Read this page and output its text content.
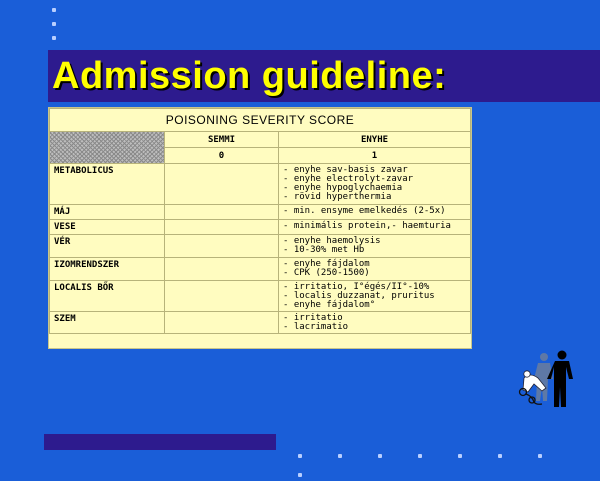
Admission guideline:
POISONING SEVERITY SCORE		
	SEMMI	ENYHE
	0	1
METABOLICUS		- enyhe sav-basis zavar
- enyhe electrolyt-zavar
- enyhe hypoglychaemia
- rövid hyperthermia

MÁJ		- min. ensyme emelkedés (2-5x)

VESE		- minimális protein,- haemturia

VÉR		- enyhe haemolysis
- 10-30% met Hb

IZOMRENDSZER		- enyhe fájdalom
- CPK (250-1500)

LOCALIS BŐR		- irritatio, I°égés/II°-10%
- localis duzzanat, pruritus
- enyhe fájdalom°

SZEM		- irritatio
- lacrimatio
